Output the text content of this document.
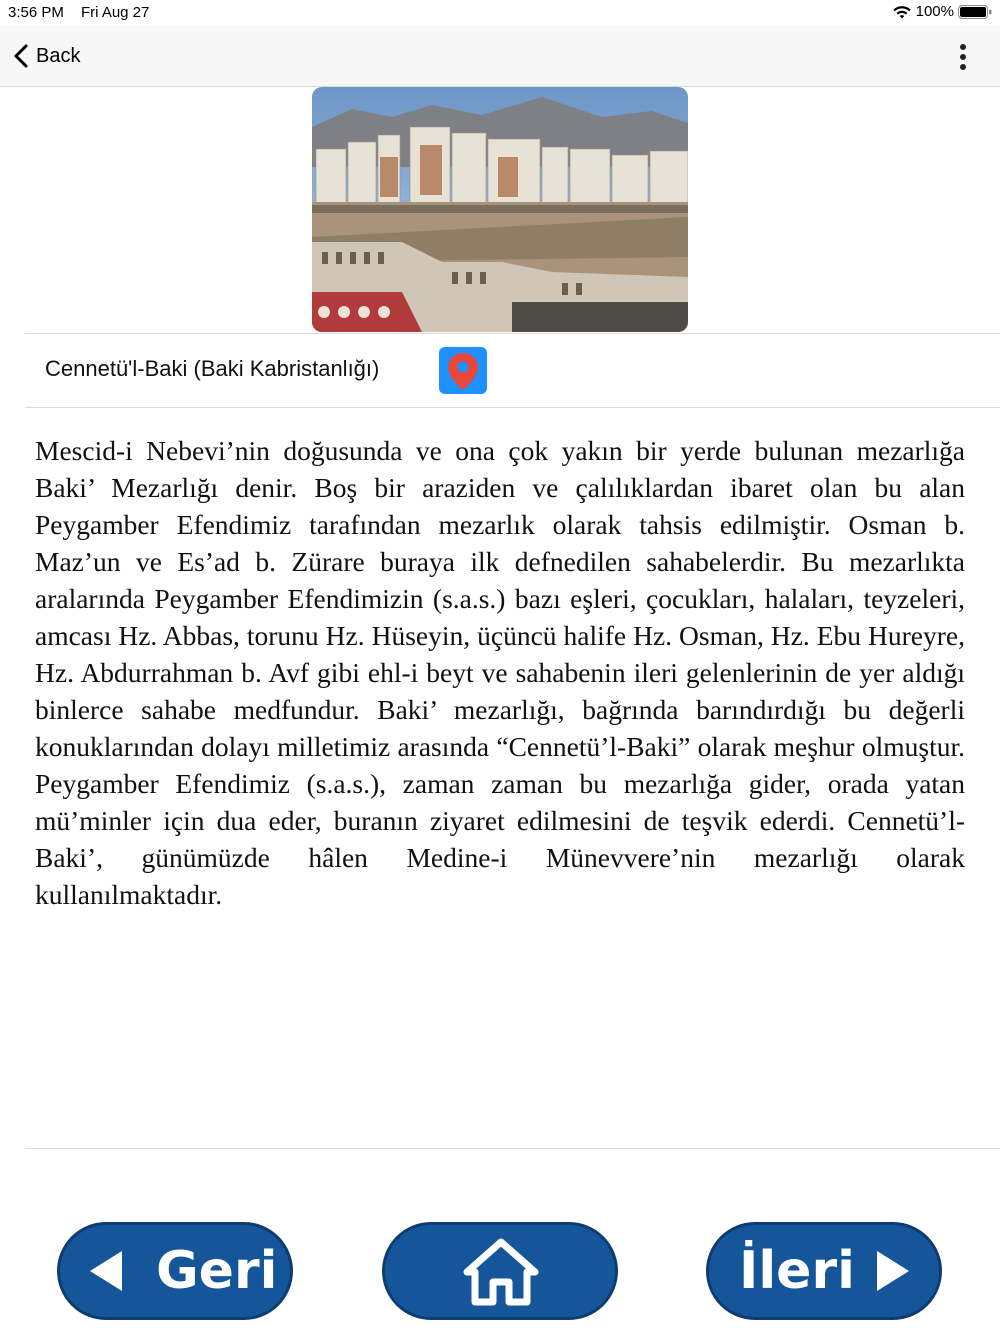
3:56 PM Fri Aug 27	100%
Back
Cennetü'l-Baki (Baki Kabristanlığı)

Mescid-i Nebevi’nin doğusunda ve ona çok yakın bir yerde bulunan mezarlığa Baki’ Mezarlığı denir. Boş bir araziden ve çalılıklardan ibaret olan bu alan Peygamber Efendimiz tarafından mezarlık olarak tahsis edilmiştir. Osman b. Maz’un ve Es’ad b. Zürare buraya ilk defnedilen sahabelerdir. Bu mezarlıkta aralarında Peygamber Efendimizin (s.a.s.) bazı eşleri, çocukları, halaları, teyzeleri, amcası Hz. Abbas, torunu Hz. Hüseyin, üçüncü halife Hz. Osman, Hz. Ebu Hureyre, Hz. Abdurrahman b. Avf gibi ehl-i beyt ve sahabenin ileri gelenlerinin de yer aldığı binlerce sahabe medfundur. Baki’ mezarlığı, bağrında barındırdığı bu değerli konuklarından dolayı milletimiz arasında “Cennetü’l-Baki” olarak meşhur olmuştur. Peygamber Efendimiz (s.a.s.), zaman zaman bu mezarlığa gider, orada yatan mü’minler için dua eder, buranın ziyaret edilmesini de teşvik ederdi. Cennetü’l-Baki’, günümüzde hâlen Medine-i Münevvere’nin mezarlığı olarak kullanılmaktadır.

Geri	İleri
